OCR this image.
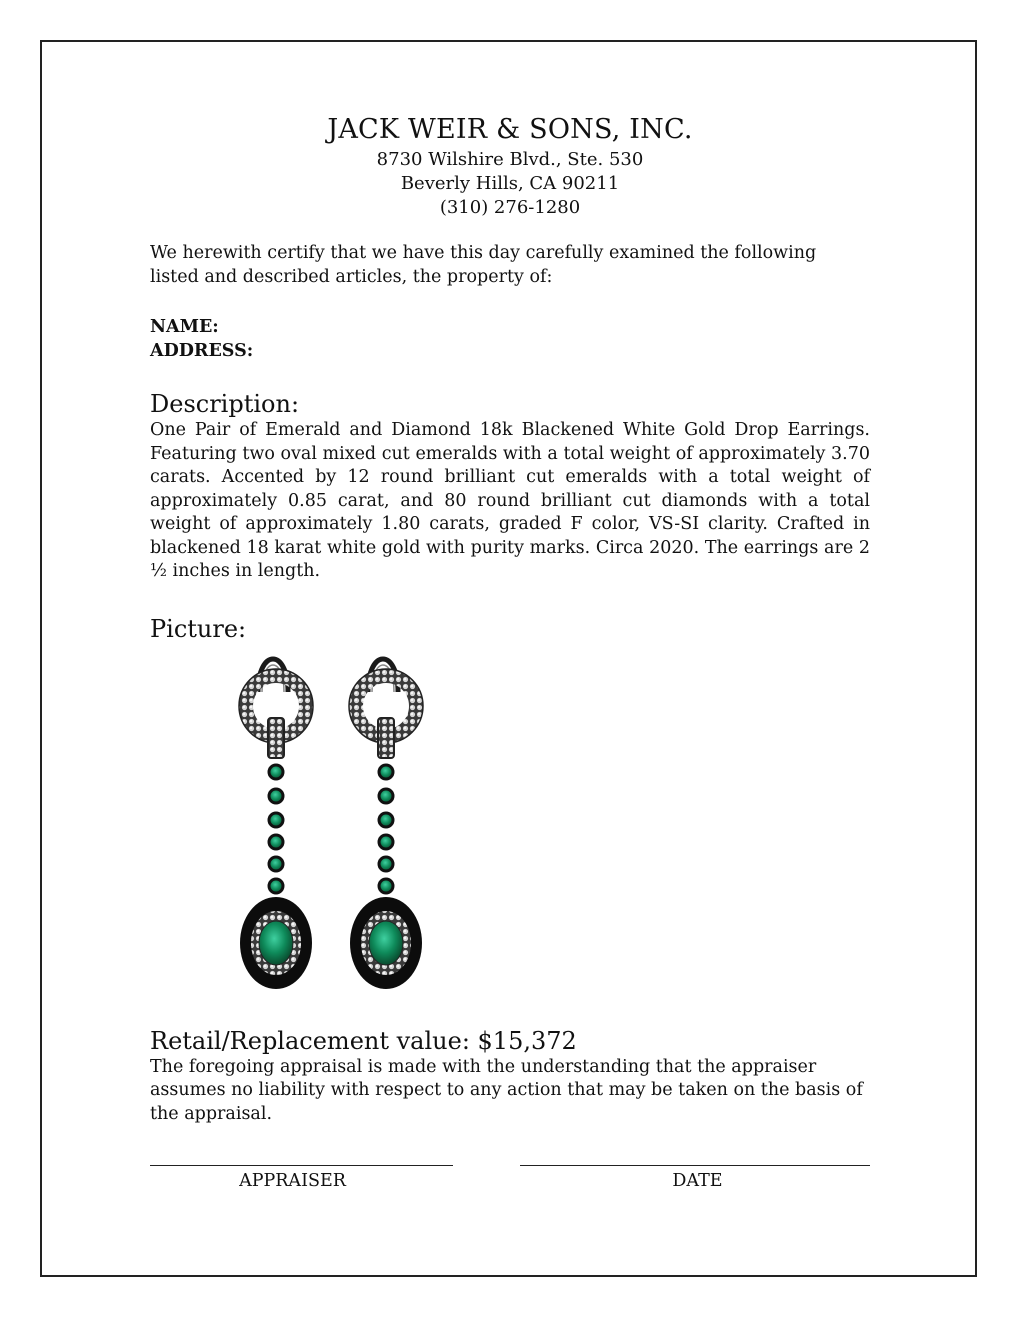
JACK WEIR & SONS, INC.
8730 Wilshire Blvd., Ste. 530
Beverly Hills, CA 90211
(310) 276-1280

We herewith certify that we have this day carefully examined the following listed and described articles, the property of:

NAME:
ADDRESS:
Description:

One Pair of Emerald and Diamond 18k Blackened White Gold Drop Earrings. Featuring two oval mixed cut emeralds with a total weight of approximately 3.70 carats. Accented by 12 round brilliant cut emeralds with a total weight of approximately 0.85 carat, and 80 round brilliant cut diamonds with a total weight of approximately 1.80 carats, graded F color, VS-SI clarity. Crafted in blackened 18 karat white gold with purity marks. Circa 2020. The earrings are 2 ½ inches in length.

Picture:
Retail/Replacement value: $15,372

The foregoing appraisal is made with the understanding that the appraiser assumes no liability with respect to any action that may be taken on the basis of the appraisal.

APPRAISER	DATE
